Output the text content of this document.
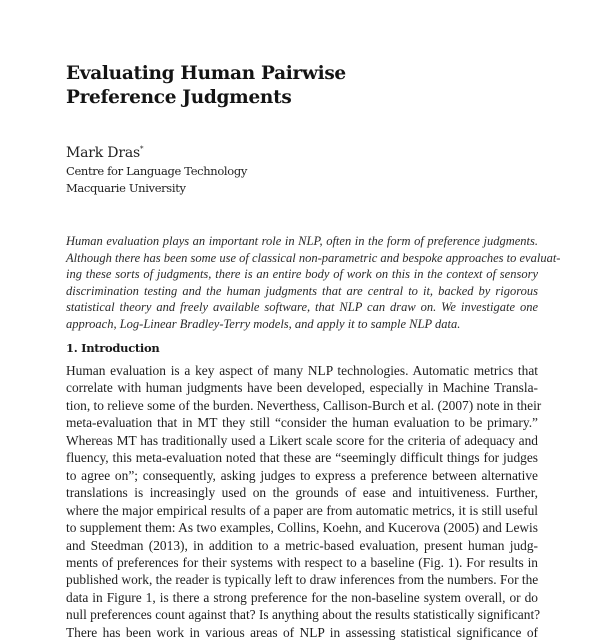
Evaluating Human Pairwise
Preference Judgments
Mark Dras*
Centre for Language Technology
Macquarie University
Human evaluation plays an important role in NLP, often in the form of preference judgments.
Although there has been some use of classical non-parametric and bespoke approaches to evaluat-
ing these sorts of judgments, there is an entire body of work on this in the context of sensory
discrimination testing and the human judgments that are central to it, backed by rigorous
statistical theory and freely available software, that NLP can draw on. We investigate one
approach, Log-Linear Bradley-Terry models, and apply it to sample NLP data.
1. Introduction
Human evaluation is a key aspect of many NLP technologies. Automatic metrics that
correlate with human judgments have been developed, especially in Machine Transla-
tion, to relieve some of the burden. Neverthess, Callison-Burch et al. (2007) note in their
meta-evaluation that in MT they still “consider the human evaluation to be primary.”
Whereas MT has traditionally used a Likert scale score for the criteria of adequacy and
fluency, this meta-evaluation noted that these are “seemingly difficult things for judges
to agree on”; consequently, asking judges to express a preference between alternative
translations is increasingly used on the grounds of ease and intuitiveness. Further,
where the major empirical results of a paper are from automatic metrics, it is still useful
to supplement them: As two examples, Collins, Koehn, and Kucerova (2005) and Lewis
and Steedman (2013), in addition to a metric-based evaluation, present human judg-
ments of preferences for their systems with respect to a baseline (Fig. 1). For results in
published work, the reader is typically left to draw inferences from the numbers. For the
data in Figure 1, is there a strong preference for the non-baseline system overall, or do
null preferences count against that? Is anything about the results statistically significant?
There has been work in various areas of NLP in assessing statistical significance of
